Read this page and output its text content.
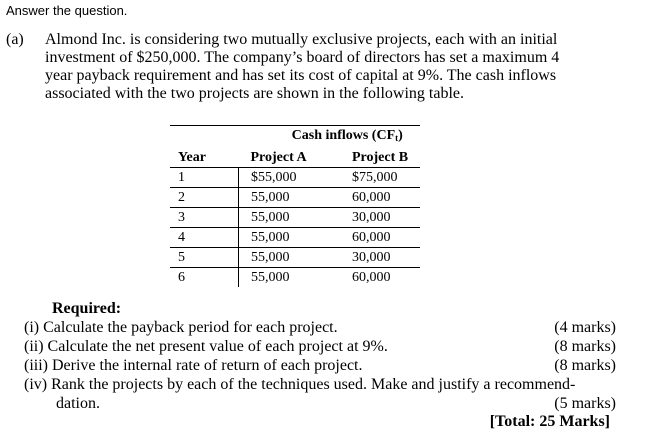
Answer the question.
(a) Almond Inc. is considering two mutually exclusive projects, each with an initial
investment of $250,000. The company’s board of directors has set a maximum 4
year payback requirement and has set its cost of capital at 9%. The cash inflows
associated with the two projects are shown in the following table.
	Cash inflows $(CF_t)$	
Year	Project A	Project B
1	$55,000	$75,000
2	55,000	60,000
3	55,000	30,000
4	55,000	60,000
5	55,000	30,000
6	55,000	60,000
Required:
(i) Calculate the payback period for each project.	(4 marks)
(ii) Calculate the net present value of each project at 9%.	(8 marks)
(iii) Derive the internal rate of return of each project.	(8 marks)
(iv) Rank the projects by each of the techniques used. Make and justify a recommend-
dation.	(5 marks)
[Total: 25 Marks]
